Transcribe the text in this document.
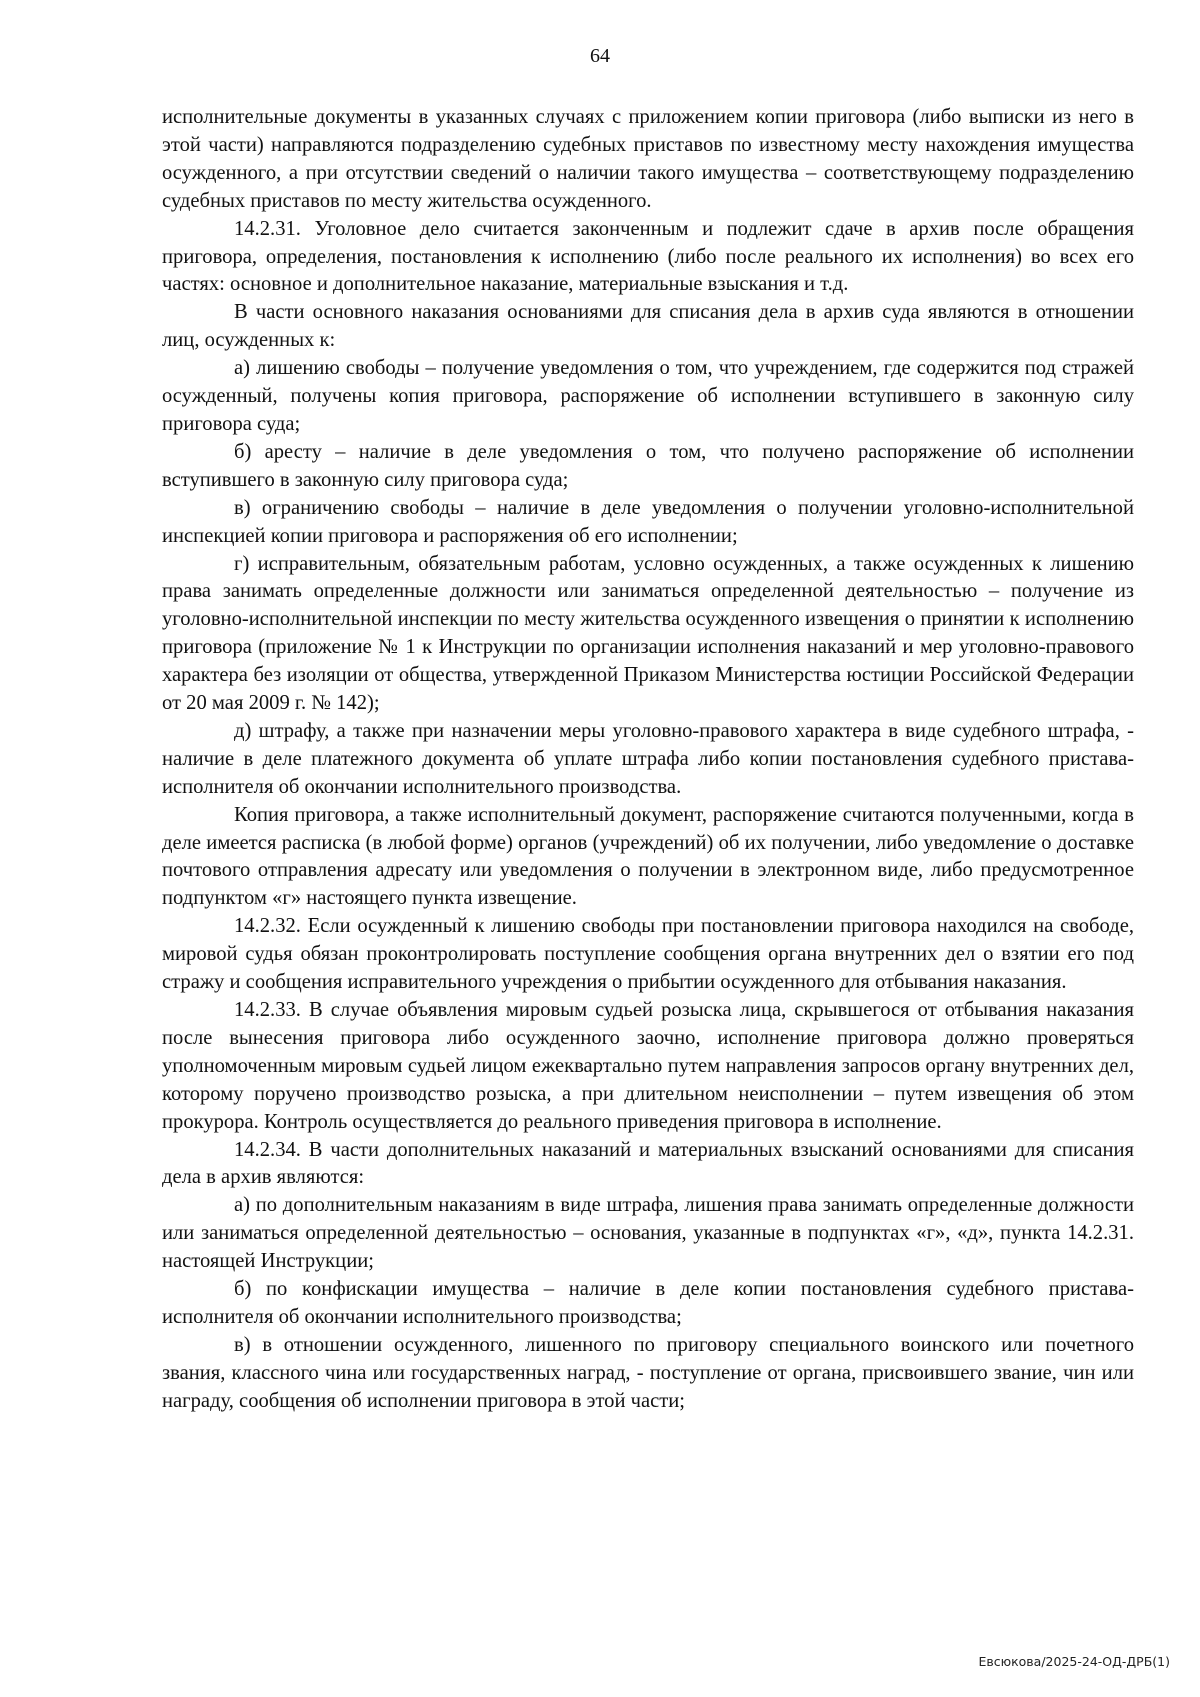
64

исполнительные документы в указанных случаях с приложением копии приговора (либо выписки из него в этой части) направляются подразделению судебных приставов по известному месту нахождения имущества осужденного, а при отсутствии сведений о наличии такого имущества – соответствующему подразделению судебных приставов по месту жительства осужденного.

14.2.31. Уголовное дело считается законченным и подлежит сдаче в архив после обращения приговора, определения, постановления к исполнению (либо после реального их исполнения) во всех его частях: основное и дополнительное наказание, материальные взыскания и т.д.

В части основного наказания основаниями для списания дела в архив суда являются в отношении лиц, осужденных к:

а) лишению свободы – получение уведомления о том, что учреждением, где содержится под стражей осужденный, получены копия приговора, распоряжение об исполнении вступившего в законную силу приговора суда;

б) аресту – наличие в деле уведомления о том, что получено распоряжение об исполнении вступившего в законную силу приговора суда;

в) ограничению свободы – наличие в деле уведомления о получении уголовно-исполнительной инспекцией копии приговора и распоряжения об его исполнении;

г) исправительным, обязательным работам, условно осужденных, а также осужденных к лишению права занимать определенные должности или заниматься определенной деятельностью – получение из уголовно-исполнительной инспекции по месту жительства осужденного извещения о принятии к исполнению приговора (приложение № 1 к Инструкции по организации исполнения наказаний и мер уголовно-правового характера без изоляции от общества, утвержденной Приказом Министерства юстиции Российской Федерации от 20 мая 2009 г. № 142);

д) штрафу, а также при назначении меры уголовно-правового характера в виде судебного штрафа, - наличие в деле платежного документа об уплате штрафа либо копии постановления судебного пристава-исполнителя об окончании исполнительного производства.

Копия приговора, а также исполнительный документ, распоряжение считаются полученными, когда в деле имеется расписка (в любой форме) органов (учреждений) об их получении, либо уведомление о доставке почтового отправления адресату или уведомления о получении в электронном виде, либо предусмотренное подпунктом «г» настоящего пункта извещение.

14.2.32. Если осужденный к лишению свободы при постановлении приговора находился на свободе, мировой судья обязан проконтролировать поступление сообщения органа внутренних дел о взятии его под стражу и сообщения исправительного учреждения о прибытии осужденного для отбывания наказания.

14.2.33. В случае объявления мировым судьей розыска лица, скрывшегося от отбывания наказания после вынесения приговора либо осужденного заочно, исполнение приговора должно проверяться уполномоченным мировым судьей лицом ежеквартально путем направления запросов органу внутренних дел, которому поручено производство розыска, а при длительном неисполнении – путем извещения об этом прокурора. Контроль осуществляется до реального приведения приговора в исполнение.

14.2.34. В части дополнительных наказаний и материальных взысканий основаниями для списания дела в архив являются:

а) по дополнительным наказаниям в виде штрафа, лишения права занимать определенные должности или заниматься определенной деятельностью – основания, указанные в подпунктах «г», «д», пункта 14.2.31. настоящей Инструкции;

б) по конфискации имущества – наличие в деле копии постановления судебного пристава-исполнителя об окончании исполнительного производства;

в) в отношении осужденного, лишенного по приговору специального воинского или почетного звания, классного чина или государственных наград, - поступление от органа, присвоившего звание, чин или награду, сообщения об исполнении приговора в этой части;

Евсюкова/2025-24-ОД-ДРБ(1)
